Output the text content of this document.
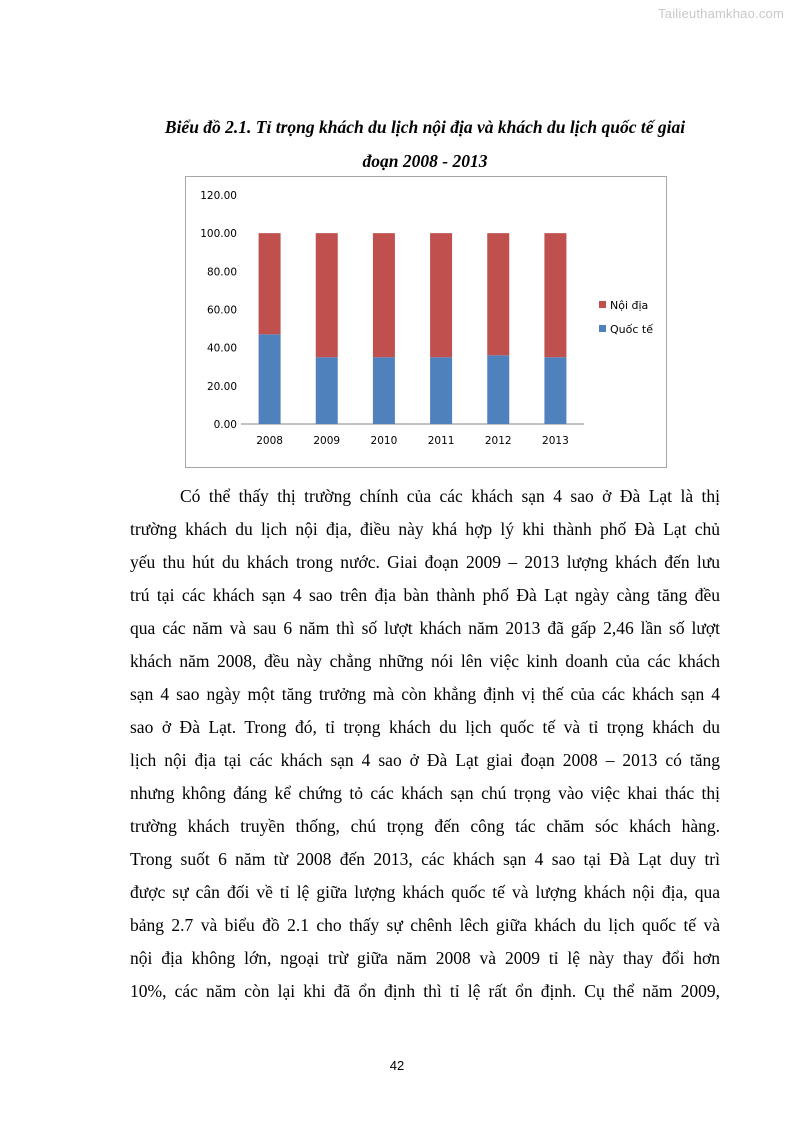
Tailieuthamkhao.com
Biểu đồ 2.1. Tỉ trọng khách du lịch nội địa và khách du lịch quốc tế giai
đoạn 2008 - 2013
0.00
20.00
40.00
60.00
80.00
100.00
120.00
2008	2009	2010	2011	2012	2013
Nội địa
Quốc tế
Có thể thấy thị trường chính của các khách sạn 4 sao ở Đà Lạt là thị
trường khách du lịch nội địa, điều này khá hợp lý khi thành phố Đà Lạt chủ
yếu thu hút du khách trong nước. Giai đoạn 2009 – 2013 lượng khách đến lưu
trú tại các khách sạn 4 sao trên địa bàn thành phố Đà Lạt ngày càng tăng đều
qua các năm và sau 6 năm thì số lượt khách năm 2013 đã gấp 2,46 lần số lượt
khách năm 2008, đều này chẳng những nói lên việc kinh doanh của các khách
sạn 4 sao ngày một tăng trưởng mà còn khẳng định vị thế của các khách sạn 4
sao ở Đà Lạt. Trong đó, tỉ trọng khách du lịch quốc tế và tỉ trọng khách du
lịch nội địa tại các khách sạn 4 sao ở Đà Lạt giai đoạn 2008 – 2013 có tăng
nhưng không đáng kể chứng tỏ các khách sạn chú trọng vào việc khai thác thị
trường khách truyền thống, chú trọng đến công tác chăm sóc khách hàng.
Trong suốt 6 năm từ 2008 đến 2013, các khách sạn 4 sao tại Đà Lạt duy trì
được sự cân đối về tỉ lệ giữa lượng khách quốc tế và lượng khách nội địa, qua
bảng 2.7 và biểu đồ 2.1 cho thấy sự chênh lêch giữa khách du lịch quốc tế và
nội địa không lớn, ngoại trừ giữa năm 2008 và 2009 tỉ lệ này thay đổi hơn
10%, các năm còn lại khi đã ổn định thì tỉ lệ rất ổn định. Cụ thể năm 2009,
42
